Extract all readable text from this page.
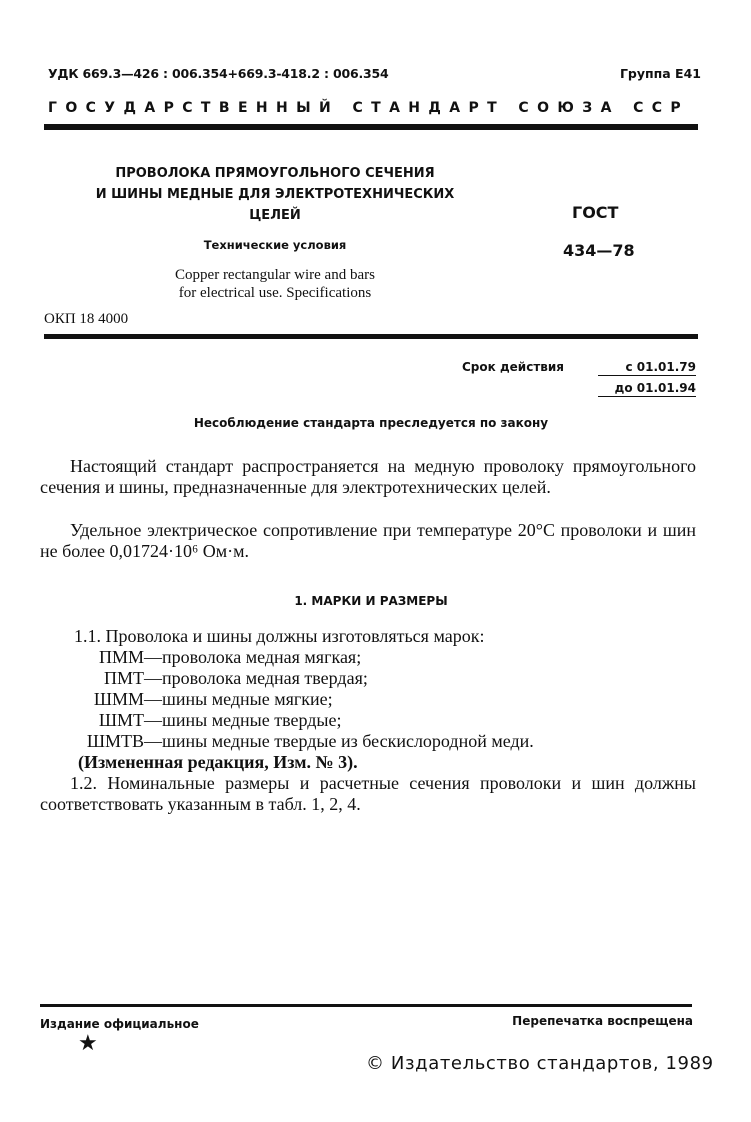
УДК 669.3—426 : 006.354+669.3-418.2 : 006.354	Группа Е41
ГОСУДАРСТВЕННЫЙ СТАНДАРТ СОЮЗА ССР
ПРОВОЛОКА ПРЯМОУГОЛЬНОГО СЕЧЕНИЯ
И ШИНЫ МЕДНЫЕ ДЛЯ ЭЛЕКТРОТЕХНИЧЕСКИХ
ЦЕЛЕЙ
Технические условия
Copper rectangular wire and bars
for electrical use. Specifications
ГОСТ
434—78
ОКП 18 4000
Срок действия	с 01.01.79
до 01.01.94
Несоблюдение стандарта преследуется по закону
Настоящий стандарт распространяется на медную проволоку прямоугольного сечения и шины, предназначенные для электротехнических целей.
Удельное электрическое сопротивление при температуре 20°С проволоки и шин не более 0,01724·10⁶ Ом·м.
1. МАРКИ И РАЗМЕРЫ
1.1. Проволока и шины должны изготовляться марок:
ПММ—проволока медная мягкая;
ПМТ—проволока медная твердая;
ШММ—шины медные мягкие;
ШМТ—шины медные твердые;
ШМТВ—шины медные твердые из бескислородной меди.
(Измененная редакция, Изм. № 3).
1.2. Номинальные размеры и расчетные сечения проволоки и шин должны соответствовать указанным в табл. 1, 2, 4.
Издание официальное
★
Перепечатка воспрещена
© Издательство стандартов, 1989
